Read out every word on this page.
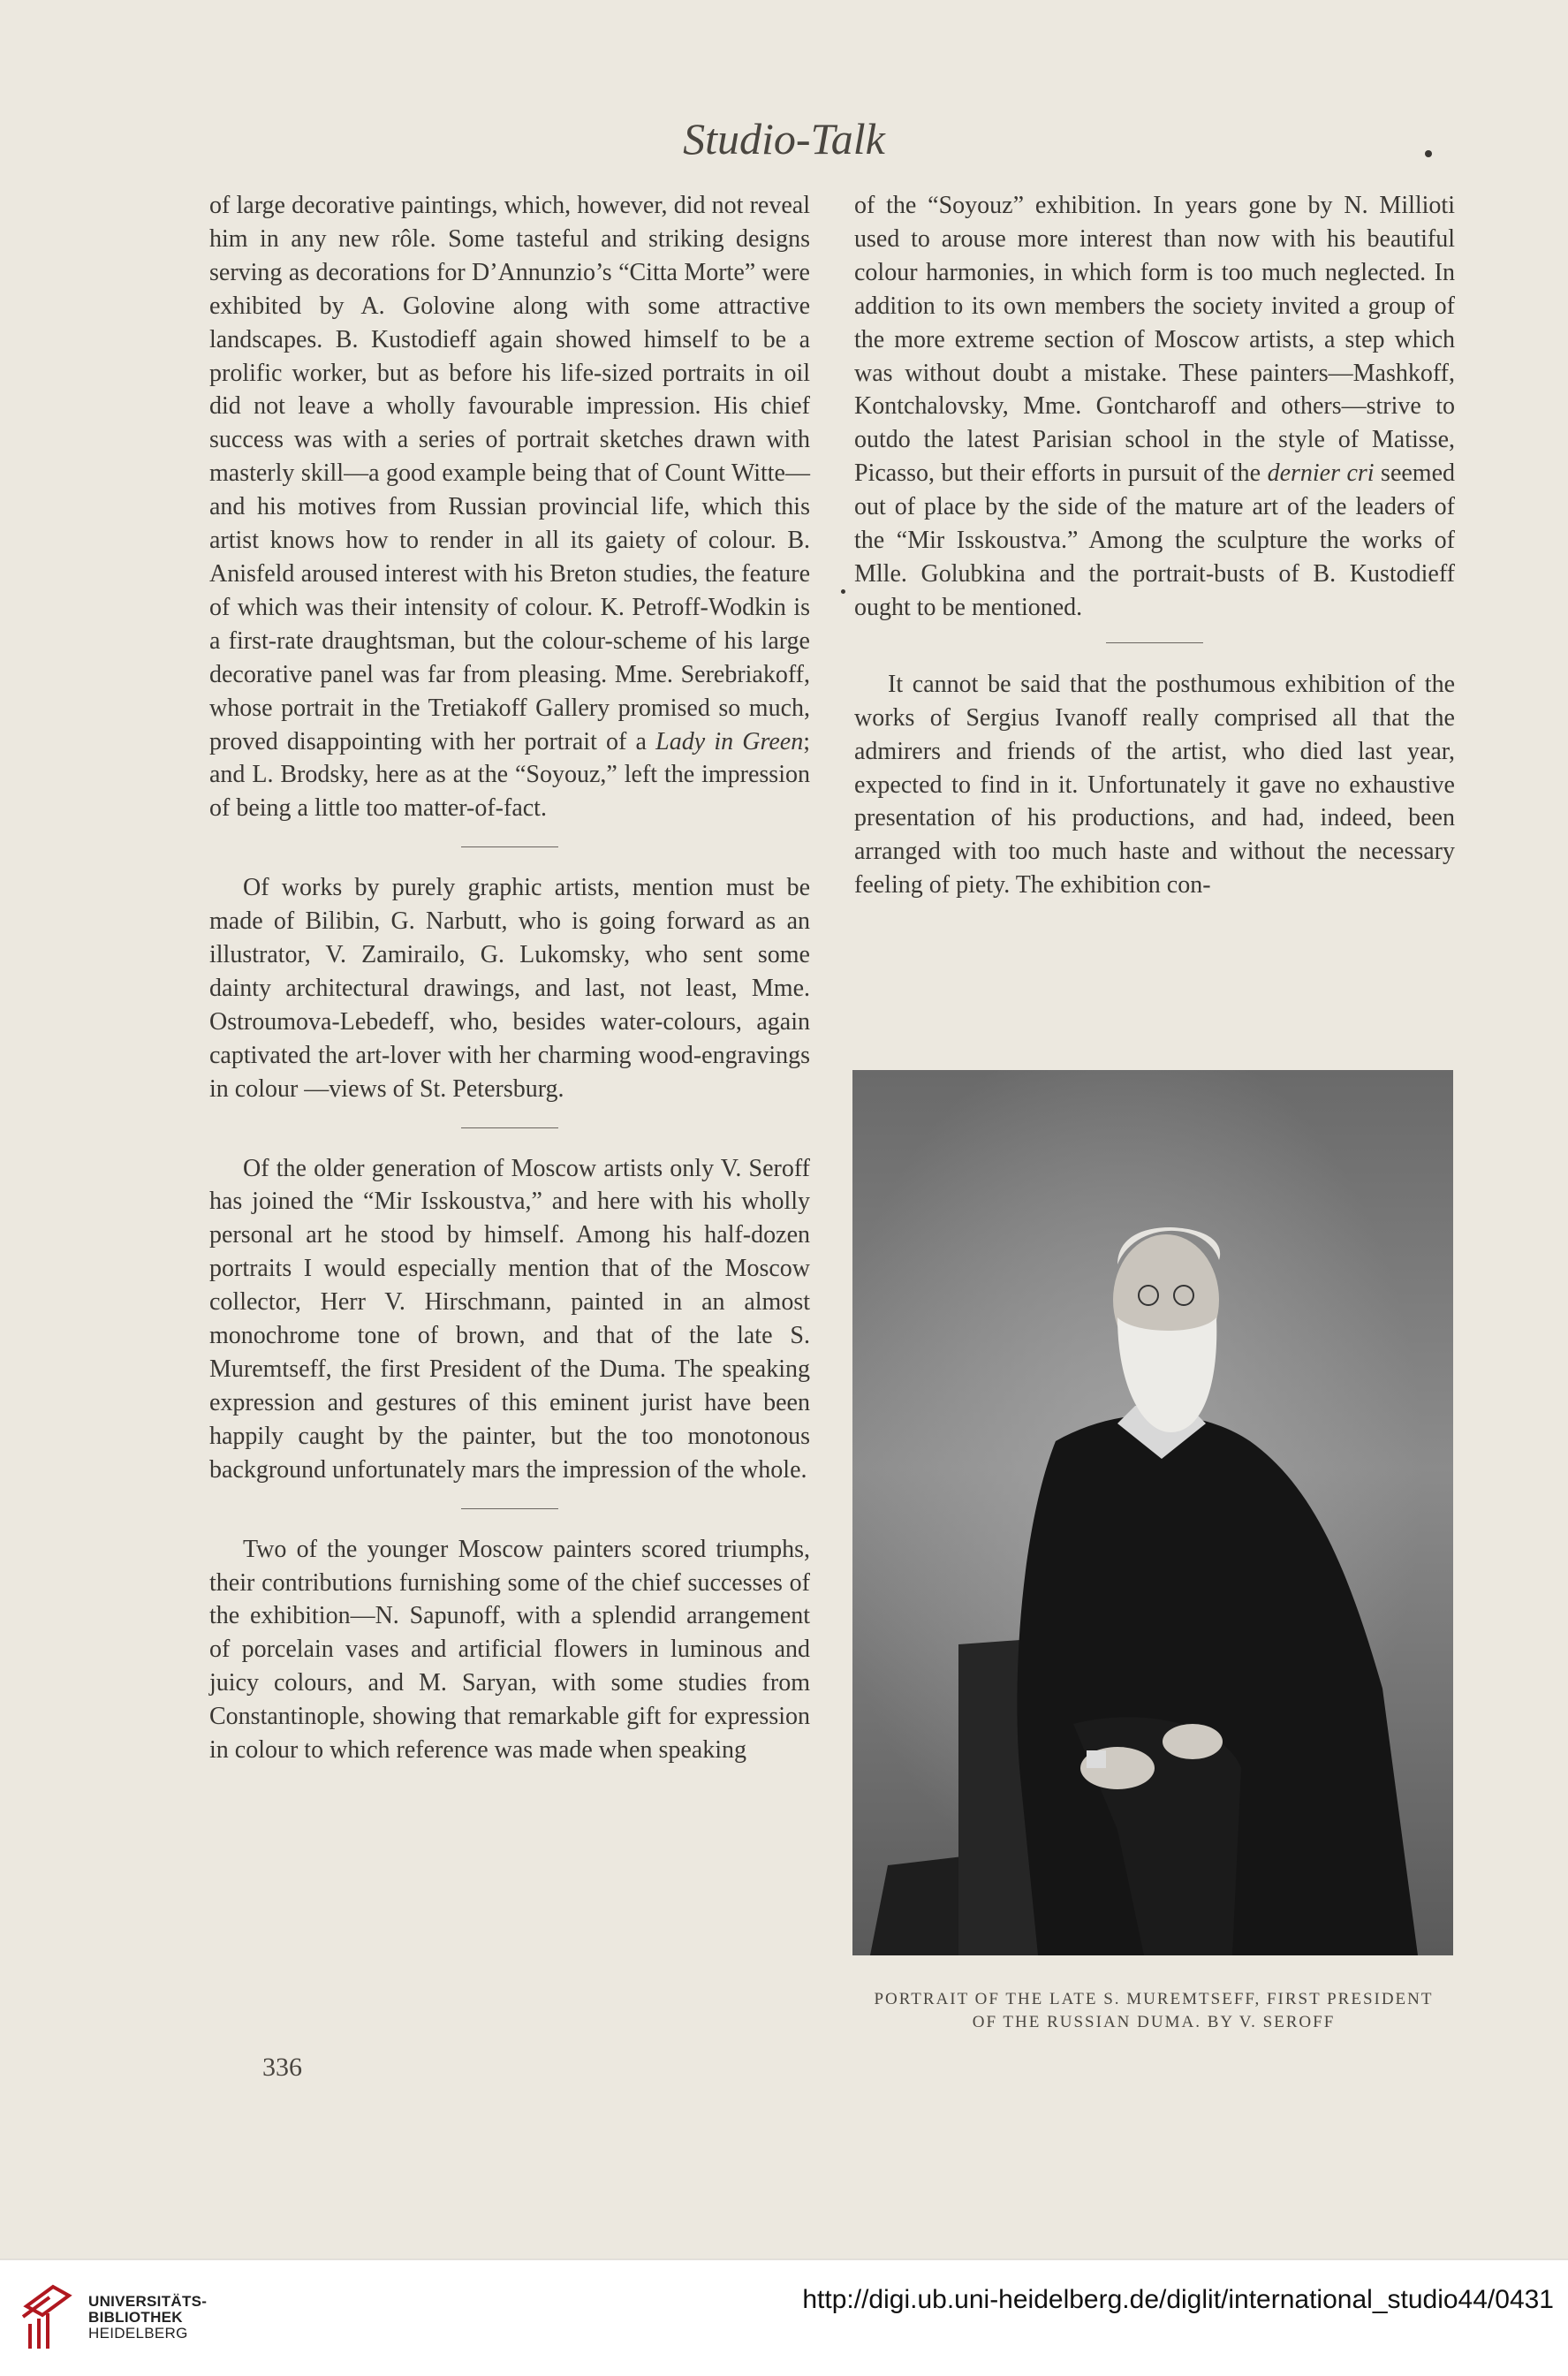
Studio-Talk

of large decorative paintings, which, however, did not reveal him in any new rôle. Some tasteful and striking designs serving as decorations for D’Annunzio’s “Citta Morte” were exhibited by A. Golovine along with some attractive landscapes. B. Kustodieff again showed himself to be a prolific worker, but as before his life-sized portraits in oil did not leave a wholly favourable impression. His chief success was with a series of portrait sketches drawn with masterly skill—a good example being that of Count Witte—and his motives from Russian provincial life, which this artist knows how to render in all its gaiety of colour. B. Anisfeld aroused interest with his Breton studies, the feature of which was their intensity of colour. K. Petroff-Wodkin is a first-rate draughtsman, but the colour-scheme of his large decorative panel was far from pleasing. Mme. Serebriakoff, whose portrait in the Tretiakoff Gallery promised so much, proved disappointing with her portrait of a Lady in Green; and L. Brodsky, here as at the “Soyouz,” left the impression of being a little too matter-of-fact.

Of works by purely graphic artists, mention must be made of Bilibin, G. Narbutt, who is going forward as an illustrator, V. Zamirailo, G. Lukomsky, who sent some dainty architectural drawings, and last, not least, Mme. Ostroumova-Lebedeff, who, besides water-colours, again captivated the art-lover with her charming wood-engravings in colour —views of St. Petersburg.

Of the older generation of Moscow artists only V. Seroff has joined the “Mir Isskoustva,” and here with his wholly personal art he stood by himself. Among his half-dozen portraits I would especially mention that of the Moscow collector, Herr V. Hirschmann, painted in an almost monochrome tone of brown, and that of the late S. Muremtseff, the first President of the Duma. The speaking expression and gestures of this eminent jurist have been happily caught by the painter, but the too monotonous background unfortunately mars the impression of the whole.

Two of the younger Moscow painters scored triumphs, their contributions furnishing some of the chief successes of the exhibition—N. Sapunoff, with a splendid arrangement of porcelain vases and artificial flowers in luminous and juicy colours, and M. Saryan, with some studies from Constantinople, showing that remarkable gift for expression in colour to which reference was made when speaking

of the “Soyouz” exhibition. In years gone by N. Millioti used to arouse more interest than now with his beautiful colour harmonies, in which form is too much neglected. In addition to its own members the society invited a group of the more extreme section of Moscow artists, a step which was without doubt a mistake. These painters—Mashkoff, Kontchalovsky, Mme. Gontcharoff and others—strive to outdo the latest Parisian school in the style of Matisse, Picasso, but their efforts in pursuit of the dernier cri seemed out of place by the side of the mature art of the leaders of the “Mir Isskoustva.” Among the sculpture the works of Mlle. Golubkina and the portrait-busts of B. Kustodieff ought to be mentioned.

It cannot be said that the posthumous exhibition of the works of Sergius Ivanoff really comprised all that the admirers and friends of the artist, who died last year, expected to find in it. Unfortunately it gave no exhaustive presentation of his productions, and had, indeed, been arranged with too much haste and without the necessary feeling of piety. The exhibition con-

PORTRAIT OF THE LATE S. MUREMTSEFF, FIRST PRESIDENT
OF THE RUSSIAN DUMA. BY V. SEROFF
336
UNIVERSITÄTS-
BIBLIOTHEK
HEIDELBERG
http://digi.ub.uni-heidelberg.de/diglit/international_studio44/0431
